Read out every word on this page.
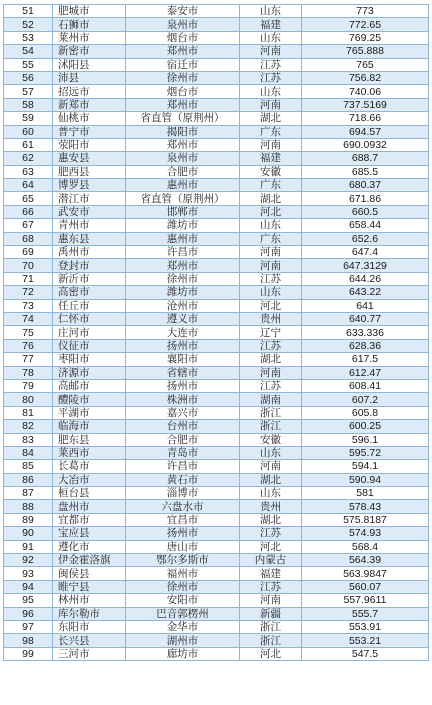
51	肥城市	泰安市	山东	773
52	石狮市	泉州市	福建	772.65
53	莱州市	烟台市	山东	769.25
54	新密市	郑州市	河南	765.888
55	沭阳县	宿迁市	江苏	765
56	沛县	徐州市	江苏	756.82
57	招远市	烟台市	山东	740.06
58	新郑市	郑州市	河南	737.5169
59	仙桃市	省直管（原荆州）	湖北	718.66
60	普宁市	揭阳市	广东	694.57
61	荥阳市	郑州市	河南	690.0932
62	惠安县	泉州市	福建	688.7
63	肥西县	合肥市	安徽	685.5
64	博罗县	惠州市	广东	680.37
65	潜江市	省直管（原荆州）	湖北	671.86
66	武安市	邯郸市	河北	660.5
67	青州市	潍坊市	山东	658.44
68	惠东县	惠州市	广东	652.6
69	禹州市	许昌市	河南	647.4
70	登封市	郑州市	河南	647.3129
71	新沂市	徐州市	江苏	644.26
72	高密市	潍坊市	山东	643.22
73	任丘市	沧州市	河北	641
74	仁怀市	遵义市	贵州	640.77
75	庄河市	大连市	辽宁	633.336
76	仪征市	扬州市	江苏	628.36
77	枣阳市	襄阳市	湖北	617.5
78	济源市	省辖市	河南	612.47
79	高邮市	扬州市	江苏	608.41
80	醴陵市	株洲市	湖南	607.2
81	平湖市	嘉兴市	浙江	605.8
82	临海市	台州市	浙江	600.25
83	肥东县	合肥市	安徽	596.1
84	莱西市	青岛市	山东	595.72
85	长葛市	许昌市	河南	594.1
86	大冶市	黄石市	湖北	590.94
87	桓台县	淄博市	山东	581
88	盘州市	六盘水市	贵州	578.43
89	宜都市	宜昌市	湖北	575.8187
90	宝应县	扬州市	江苏	574.93
91	遵化市	唐山市	河北	568.4
92	伊金霍洛旗	鄂尔多斯市	内蒙古	564.39
93	闽侯县	福州市	福建	563.9847
94	睢宁县	徐州市	江苏	560.07
95	林州市	安阳市	河南	557.9611
96	库尔勒市	巴音郭楞州	新疆	555.7
97	东阳市	金华市	浙江	553.91
98	长兴县	湖州市	浙江	553.21
99	三河市	廊坊市	河北	547.5
